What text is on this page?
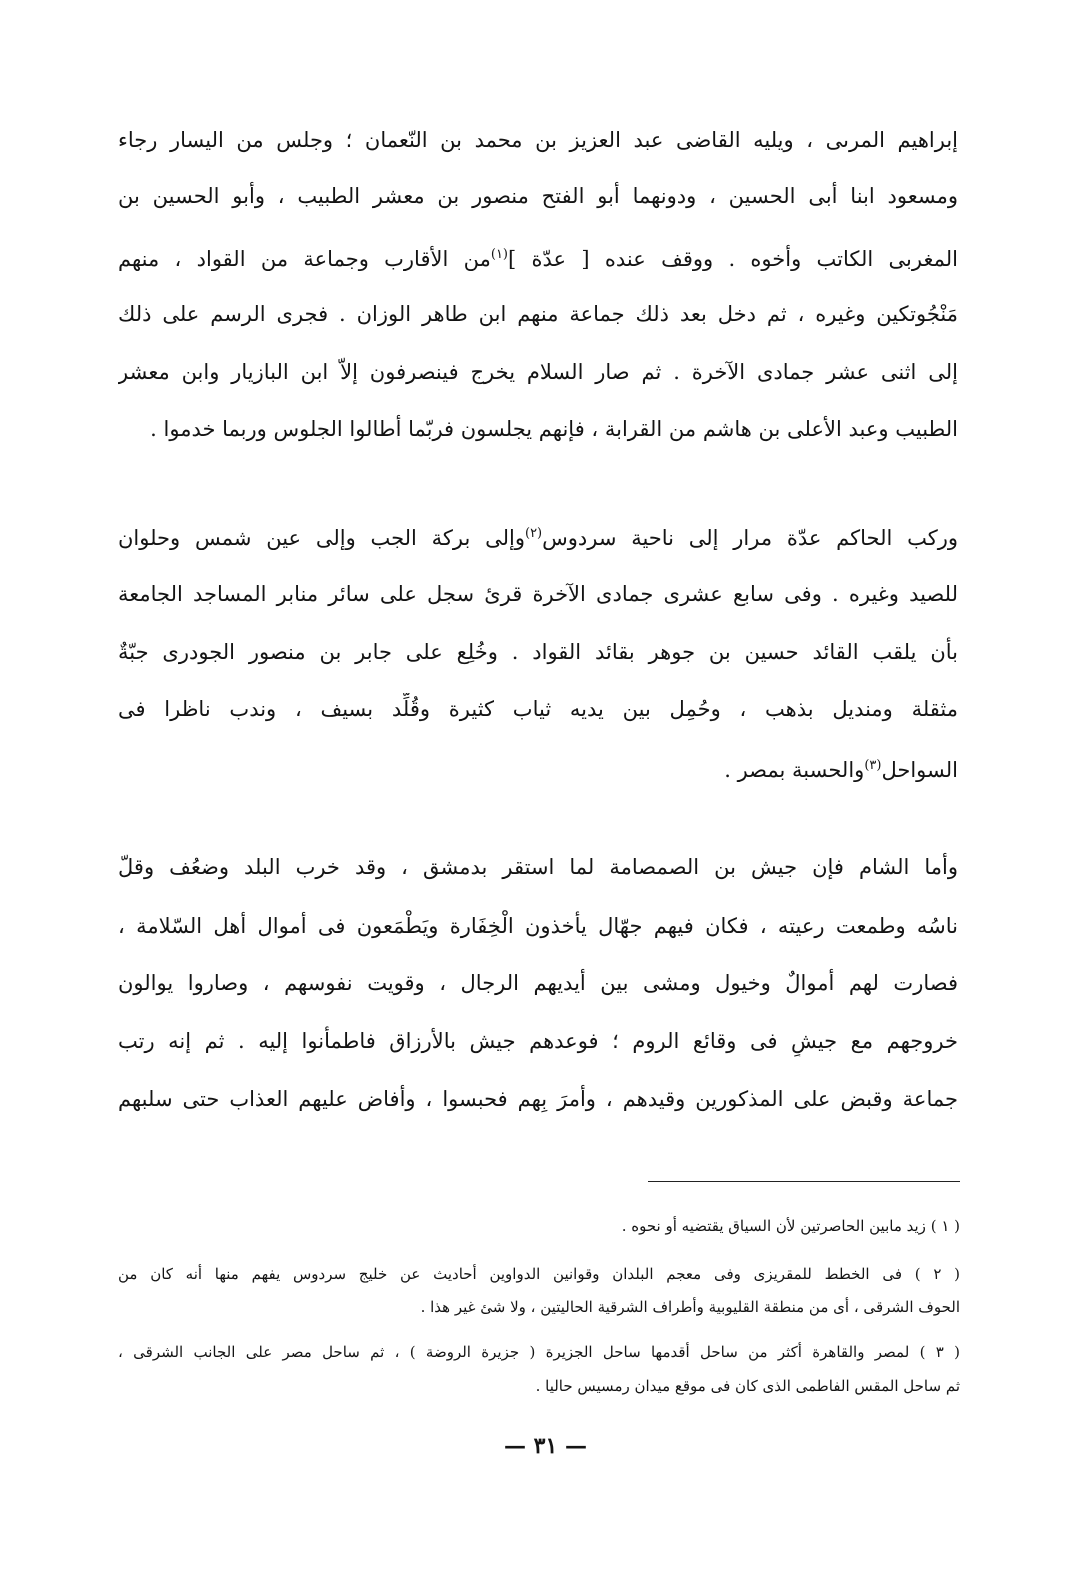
إبراهيم المرىى ، ويليه القاضى عبد العزيز بن محمد بن النّعمان ؛ وجلس من اليسار رجاء
ومسعود ابنا أبى الحسين ، ودونهما أبو الفتح منصور بن معشر الطبيب ، وأبو الحسين بن
المغربى الكاتب وأخوه . ووقف عنده [ عدّة ]$^{(١)}$من الأقارب وجماعة من القواد ، منهم
مَنْجُوتكين وغيره ، ثم دخل بعد ذلك جماعة منهم ابن طاهر الوزان . فجرى الرسم على ذلك
إلى اثنى عشر جمادى الآخرة . ثم صار السلام يخرج فينصرفون إلاّ ابن البازيار وابن معشر
الطبيب وعبد الأعلى بن هاشم من القرابة ، فإنهم يجلسون فربّما أطالوا الجلوس وربما خدموا .
وركب الحاكم عدّة مرار إلى ناحية سردوس$^{(٢)}$وإلى بركة الجب وإلى عين شمس وحلوان
للصيد وغيره . وفى سابع عشرى جمادى الآخرة قرئ سجل على سائر منابر المساجد الجامعة
بأن يلقب القائد حسين بن جوهر بقائد القواد . وخُلِع على جابر بن منصور الجودرى جبّةٌ
مثقلة ومنديل بذهب ، وحُمِل بين يديه ثياب كثيرة وقُلِّد بسيف ، وندب ناظرا فى
السواحل$^{(٣)}$والحسبة بمصر .
وأما الشام فإن جيش بن الصمصامة لما استقر بدمشق ، وقد خرب البلد وضعُف وقلّ
ناسُه وطمعت رعيته ، فكان فيهم جهّال يأخذون الْخِفَارة ويَطْمَعون فى أموال أهل السّلامة ،
فصارت لهم أموالٌ وخيول ومشى بين أيديهم الرجال ، وقويت نفوسهم ، وصاروا يوالون
خروجهم مع جيشٍ فى وقائع الروم ؛ فوعدهم جيش بالأرزاق فاطمأنوا إليه . ثم إنه رتب
جماعة وقبض على المذكورين وقيدهم ، وأمرَ بِهم فحبسوا ، وأفاض عليهم العذاب حتى سلبهم
( ١ ) زيد مابين الحاصرتين لأن السياق يقتضيه أو نحوه .
( ٢ ) فى الخطط للمقريزى وفى معجم البلدان وقوانين الدواوين أحاديث عن خليج سردوس يفهم منها أنه كان من
الحوف الشرقى ، أى من منطقة القليوبية وأطراف الشرقية الحاليتين ، ولا شئ غير هذا .
( ٣ ) لمصر والقاهرة أكثر من ساحل أقدمها ساحل الجزيرة ( جزيرة الروضة ) ، ثم ساحل مصر على الجانب الشرقى ،
ثم ساحل المقس الفاطمى الذى كان فى موقع ميدان رمسيس حاليا .
— ٣١ —
